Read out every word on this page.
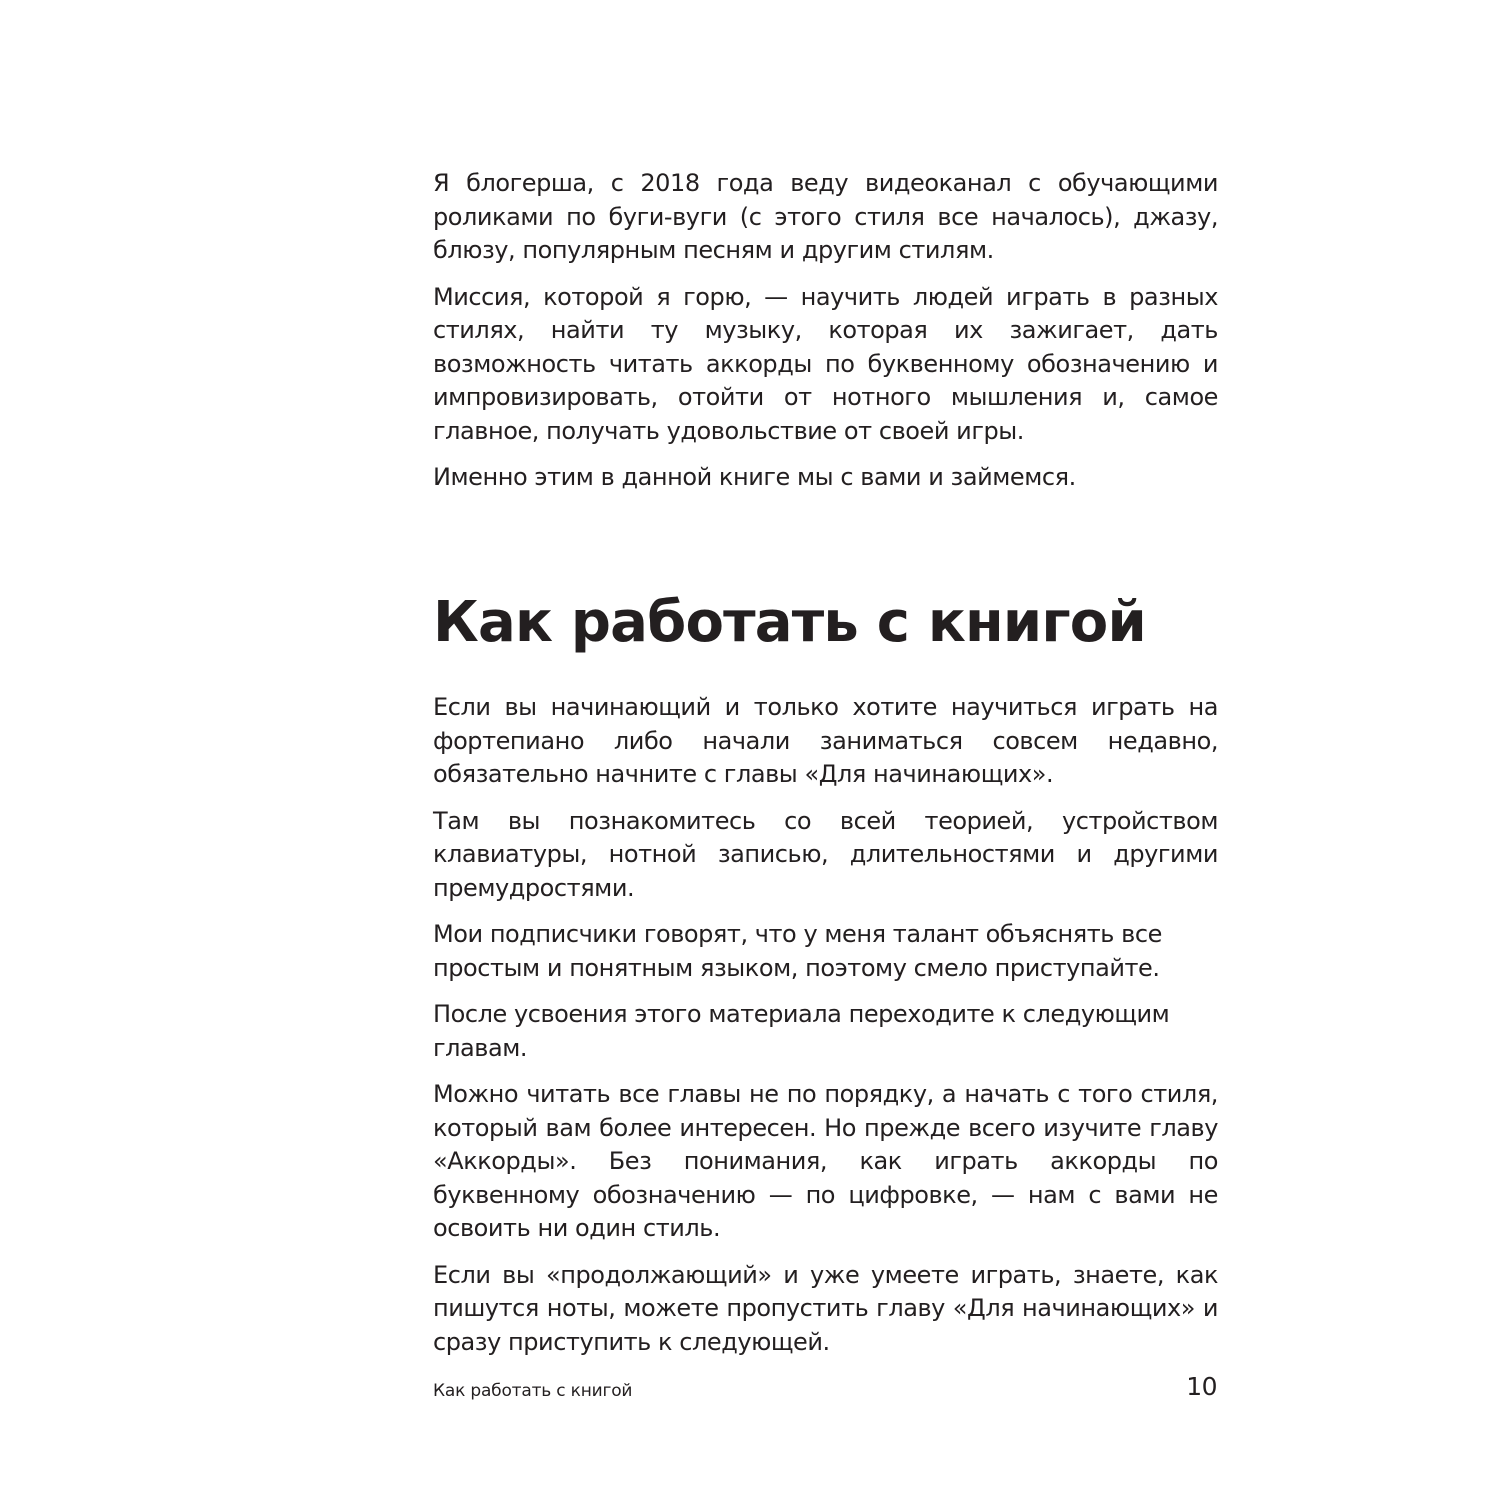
Я блогерша, с 2018 года веду видеоканал с обучающими роликами по буги-вуги (с этого стиля все началось), джазу, блюзу, популярным песням и другим стилям.

Миссия, которой я горю, — научить людей играть в разных стилях, найти ту музыку, которая их зажигает, дать возможность читать аккорды по буквенному обозначению и импровизировать, отойти от нотного мышления и, самое главное, получать удовольствие от своей игры.

Именно этим в данной книге мы с вами и займемся.

Как работать с книгой

Если вы начинающий и только хотите научиться играть на фортепиано либо начали заниматься совсем недавно, обязательно начните с главы «Для начинающих».

Там вы познакомитесь со всей теорией, устройством клавиатуры, нотной записью, длительностями и другими премудростями.

Мои подписчики говорят, что у меня талант объяснять все простым и понятным языком, поэтому смело приступайте.

После усвоения этого материала переходите к следующим главам.

Можно читать все главы не по порядку, а начать с того стиля, который вам более интересен. Но прежде всего изучите главу «Аккорды». Без понимания, как играть аккорды по буквенному обозначению — по цифровке, — нам с вами не освоить ни один стиль.

Если вы «продолжающий» и уже умеете играть, знаете, как пишутся ноты, можете пропустить главу «Для начинающих» и сразу приступить к следующей.

Как работать с книгой	10
